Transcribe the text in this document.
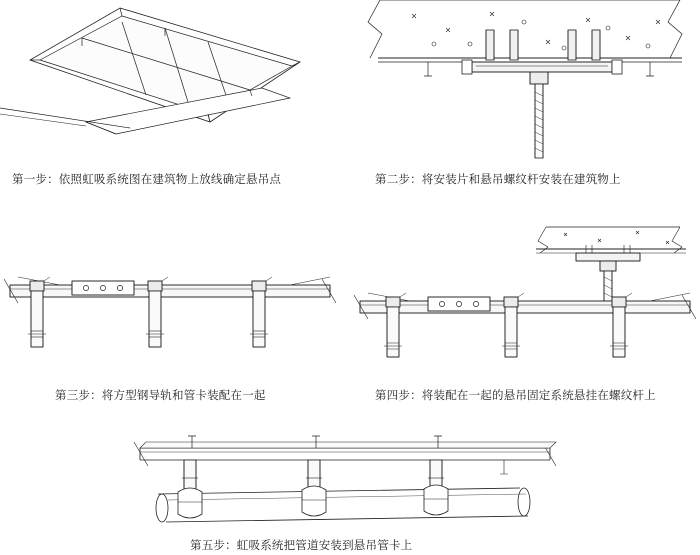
第一步：依照虹吸系统图在建筑物上放线确定悬吊点	第二步：将安装片和悬吊螺纹杆安装在建筑物上
第三步：将方型钢导轨和管卡装配在一起	第四步：将装配在一起的悬吊固定系统悬挂在螺纹杆上
第五步：虹吸系统把管道安装到悬吊管卡上
